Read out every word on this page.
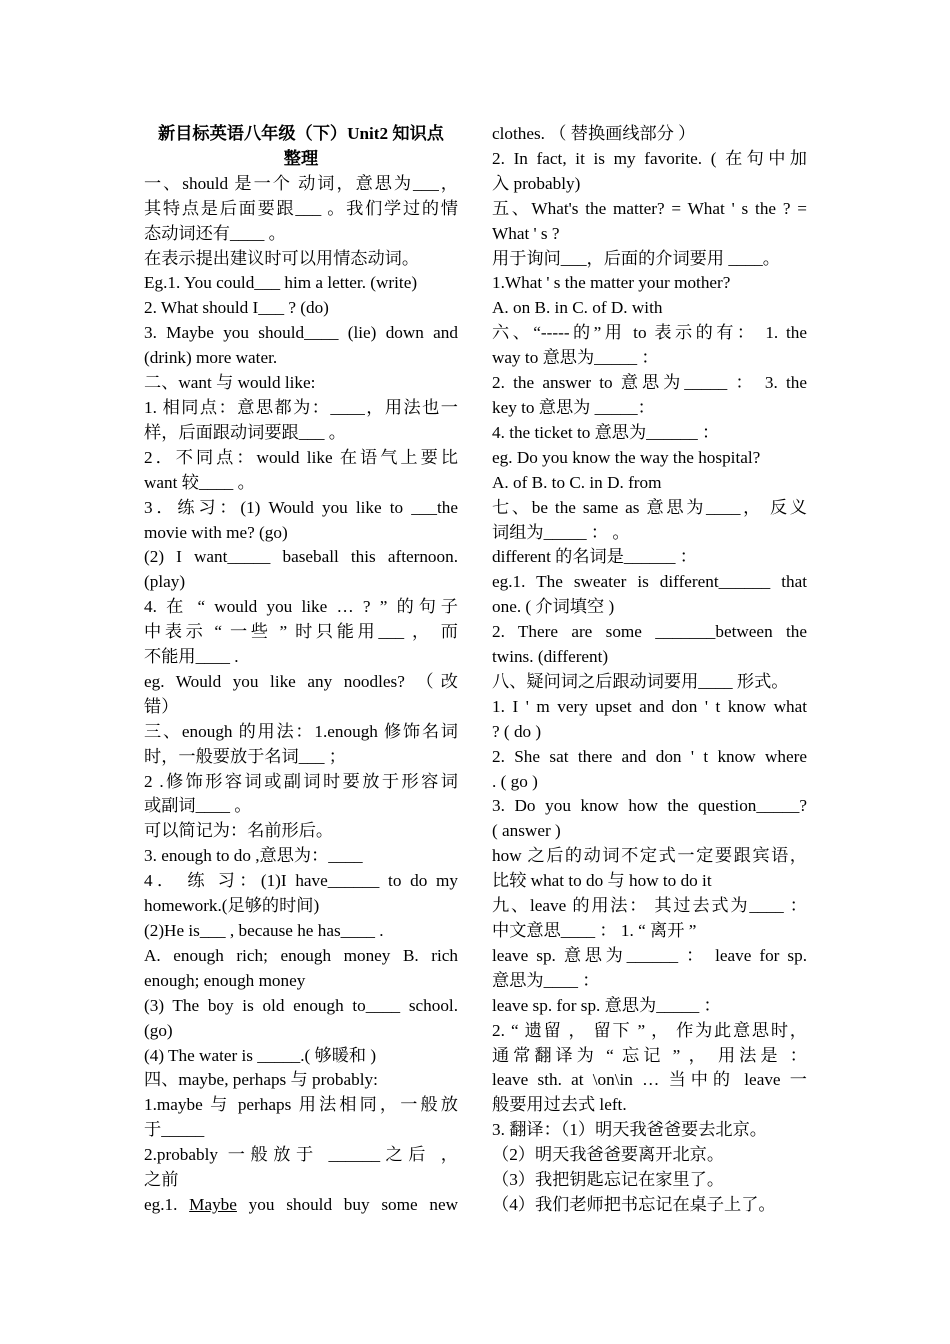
新目标英语八年级（下）Unit2 知识点
整理
一、should 是一个 动词，意思为___，
其特点是后面要跟___ 。我们学过的情
态动词还有____ 。
在表示提出建议时可以用情态动词。
Eg.1. You could___ him a letter. (write)
2. What should I___ ? (do)
3. Maybe you should____ (lie) down and
(drink) more water.
二、want 与 would like:
1. 相同点：意思都为：____，用法也一
样，后面跟动词要跟___ 。
2．不同点：would like 在语气上要比
want 较____ 。
3．练习：(1) Would you like to ___the
movie with me? (go)
(2) I want_____ baseball this afternoon.
(play)
4. 在 “ would you like … ? ” 的句子
中表示 “ 一些 ” 时只能用___ ， 而
不能用____ .
eg. Would you like any noodles? （改
错）
三、enough 的用法：1.enough 修饰名词
时，一般要放于名词___ ；
2 .修饰形容词或副词时要放于形容词
或副词____ 。
可以简记为：名前形后。
3. enough to do ,意思为：____
4． 练 习：(1)I have______ to do my
homework.(足够的时间)
(2)He is___ , because he has____ .
A. enough rich; enough money B. rich
enough; enough money
(3) The boy is old enough to____ school.
(go)
(4) The water is _____.( 够暖和 )
四、maybe, perhaps 与 probably:
1.maybe 与 perhaps 用法相同，一般放
于_____
2.probably 一般放于 ______之后 ，
之前
eg.1. Maybe you should buy some new
clothes. （ 替换画线部分 ）
2. In fact, it is my favorite. ( 在句中加
入 probably)
五、What's the matter? = What ' s the ? =
What ' s ?
用于询问___，后面的介词要用 ____。
1.What ' s the matter your mother?
A. on B. in C. of D. with
六、“-----的”用 to 表示的有： 1. the
way to 意思为_____ ：
2. the answer to 意思为_____ ： 3. the
key to 意思为 _____：
4. the ticket to 意思为______ ：
eg. Do you know the way the hospital?
A. of B. to C. in D. from
七、be the same as 意思为____， 反义
词组为_____ ： 。
different 的名词是______ ：
eg.1. The sweater is different______ that
one. ( 介词填空 )
2. There are some _______between the
twins. (different)
八、疑问词之后跟动词要用____ 形式。
1. I ' m very upset and don ' t know what
? ( do )
2. She sat there and don ' t know where
. ( go )
3. Do you know how the question_____?
( answer )
how 之后的动词不定式一定要跟宾语，
比较 what to do 与 how to do it
九、leave 的用法： 其过去式为____ ：
中文意思____ ： 1. “ 离开 ”
leave sp. 意思为______ ： leave for sp.
意思为____ ：
leave sp. for sp. 意思为_____ ：
2. “ 遗留 ， 留下 ” ， 作为此意思时，
通常翻译为 “ 忘记 ” ， 用法是 ：
leave sth. at \on\in … 当中的 leave 一
般要用过去式 left.
3. 翻译：（1）明天我爸爸要去北京。
（2）明天我爸爸要离开北京。
（3）我把钥匙忘记在家里了。
（4）我们老师把书忘记在桌子上了。
